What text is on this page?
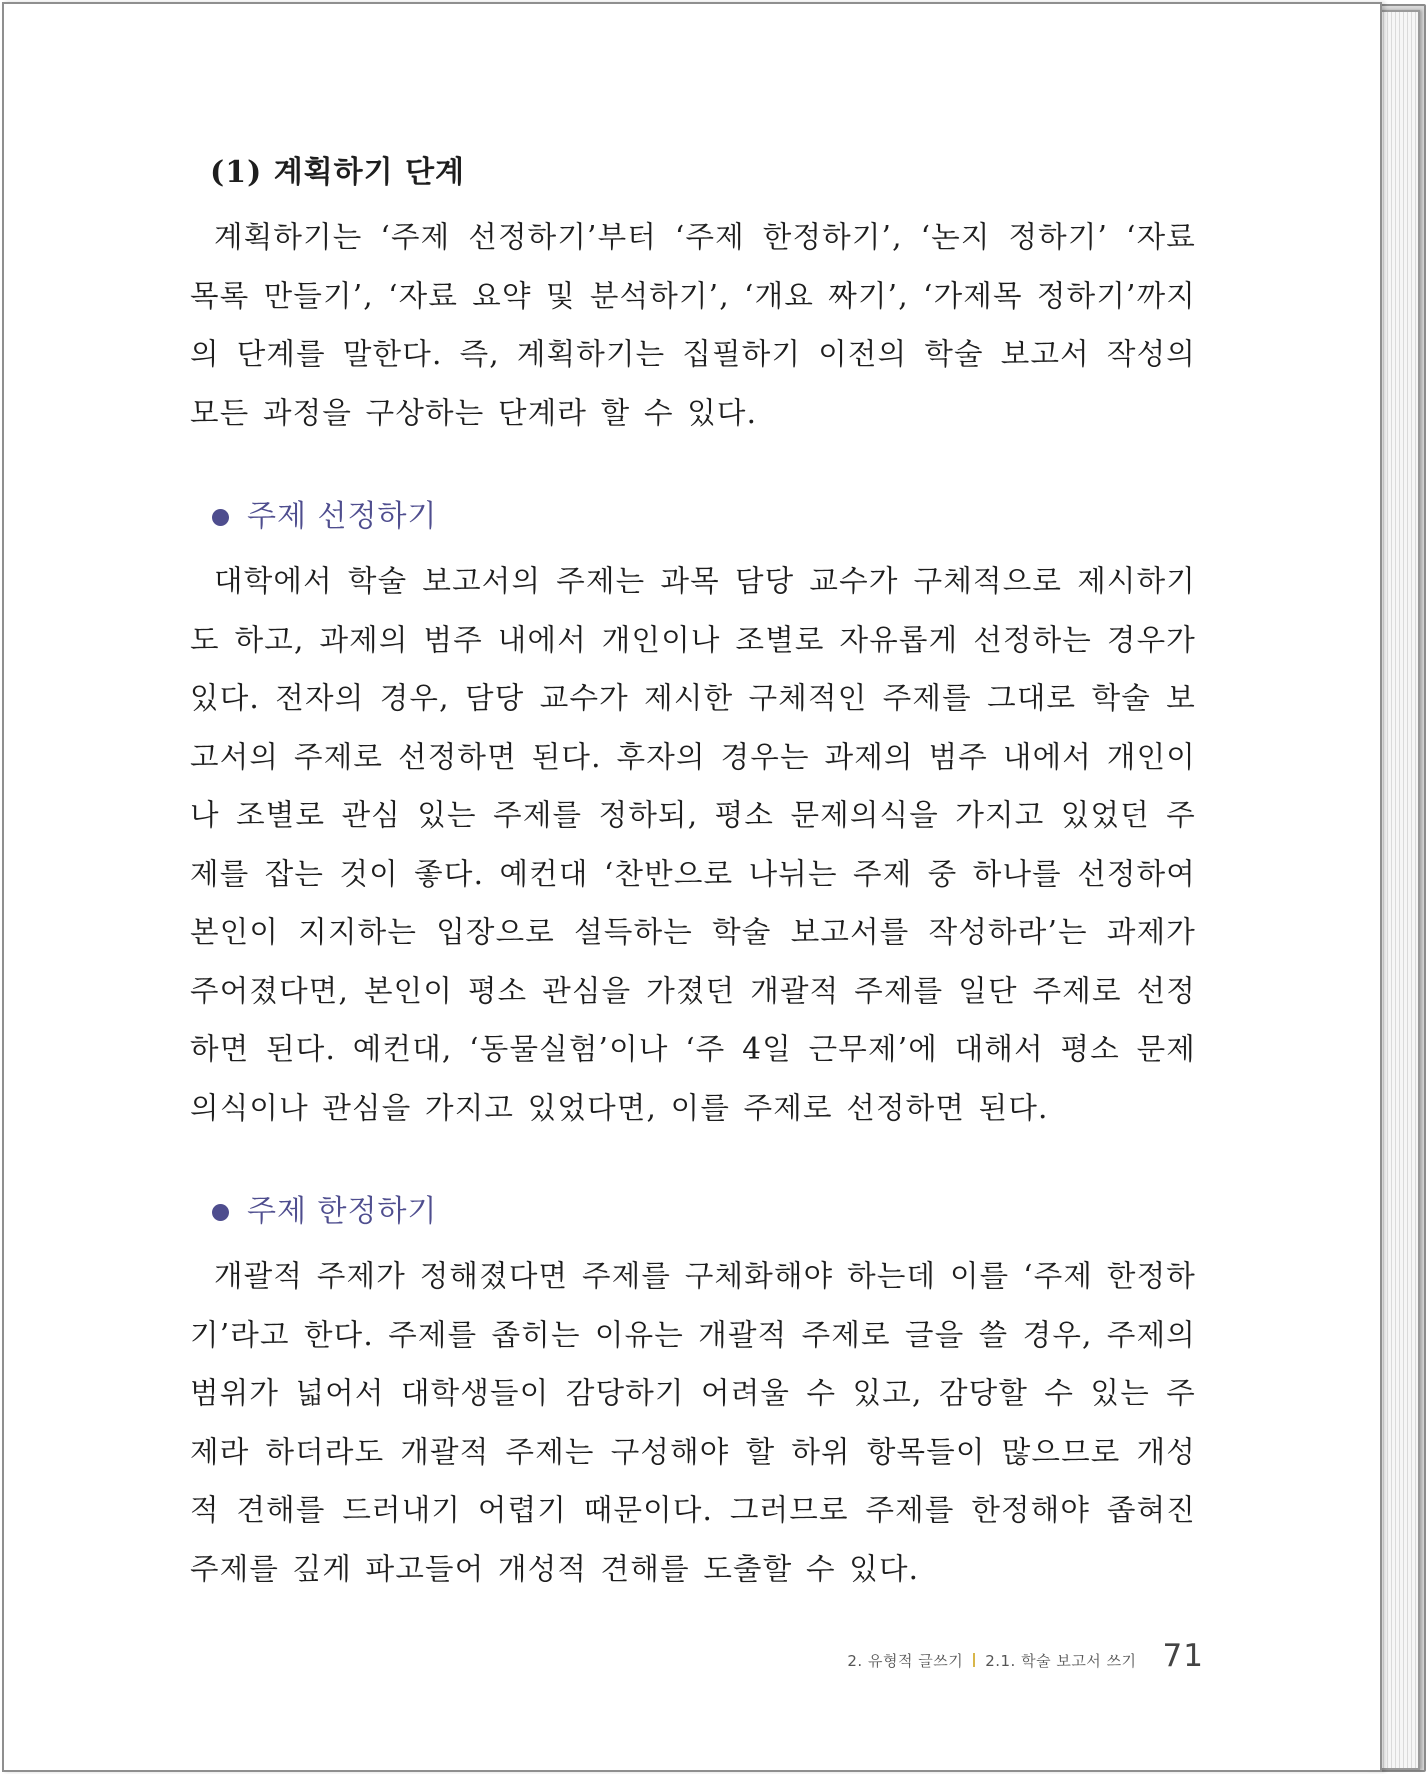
(1) 계획하기 단계

계획하기는 ‘주제 선정하기’부터 ‘주제 한정하기’, ‘논지 정하기’ ‘자료 목록 만들기’, ‘자료 요약 및 분석하기’, ‘개요 짜기’, ‘가제목 정하기’까지의 단계를 말한다. 즉, 계획하기는 집필하기 이전의 학술 보고서 작성의 모든 과정을 구상하는 단계라 할 수 있다.

주제 선정하기

대학에서 학술 보고서의 주제는 과목 담당 교수가 구체적으로 제시하기도 하고, 과제의 범주 내에서 개인이나 조별로 자유롭게 선정하는 경우가 있다. 전자의 경우, 담당 교수가 제시한 구체적인 주제를 그대로 학술 보고서의 주제로 선정하면 된다. 후자의 경우는 과제의 범주 내에서 개인이나 조별로 관심 있는 주제를 정하되, 평소 문제의식을 가지고 있었던 주제를 잡는 것이 좋다. 예컨대 ‘찬반으로 나뉘는 주제 중 하나를 선정하여 본인이 지지하는 입장으로 설득하는 학술 보고서를 작성하라’는 과제가 주어졌다면, 본인이 평소 관심을 가졌던 개괄적 주제를 일단 주제로 선정하면 된다. 예컨대, ‘동물실험’이나 ‘주 4일 근무제’에 대해서 평소 문제의식이나 관심을 가지고 있었다면, 이를 주제로 선정하면 된다.

주제 한정하기

개괄적 주제가 정해졌다면 주제를 구체화해야 하는데 이를 ‘주제 한정하기’라고 한다. 주제를 좁히는 이유는 개괄적 주제로 글을 쓸 경우, 주제의 범위가 넓어서 대학생들이 감당하기 어려울 수 있고, 감당할 수 있는 주제라 하더라도 개괄적 주제는 구성해야 할 하위 항목들이 많으므로 개성적 견해를 드러내기 어렵기 때문이다. 그러므로 주제를 한정해야 좁혀진 주제를 깊게 파고들어 개성적 견해를 도출할 수 있다.

2. 유형적 글쓰기 2.1. 학술 보고서 쓰기 71
